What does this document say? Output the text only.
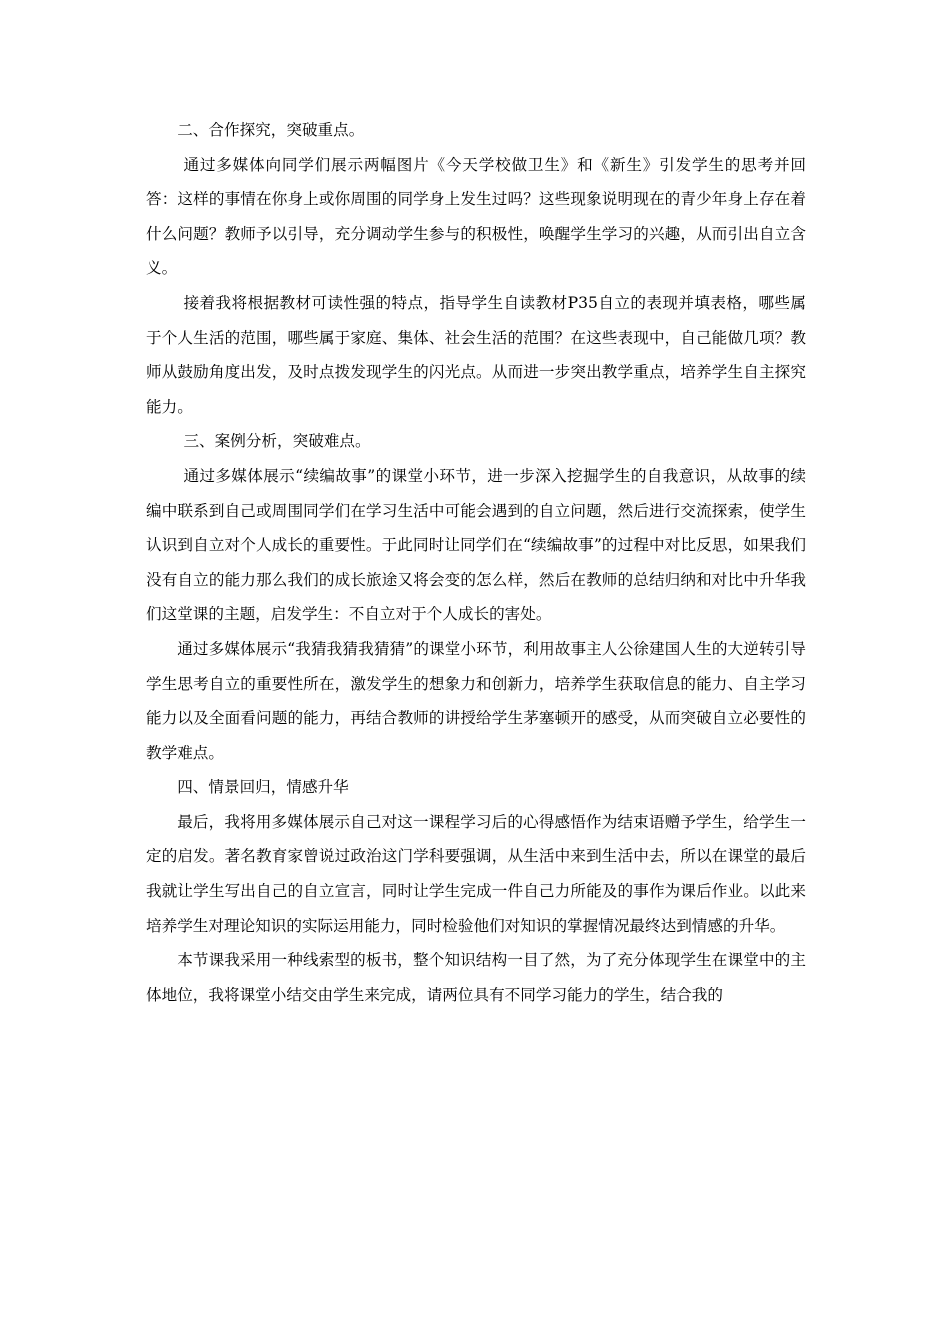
二、合作探究，突破重点。

通过多媒体向同学们展示两幅图片《今天学校做卫生》和《新生》引发学生的思考并回答：这样的事情在你身上或你周围的同学身上发生过吗？这些现象说明现在的青少年身上存在着什么问题？教师予以引导，充分调动学生参与的积极性，唤醒学生学习的兴趣，从而引出自立含义。

接着我将根据教材可读性强的特点，指导学生自读教材P35自立的表现并填表格，哪些属于个人生活的范围，哪些属于家庭、集体、社会生活的范围？在这些表现中，自己能做几项？教师从鼓励角度出发，及时点拨发现学生的闪光点。从而进一步突出教学重点，培养学生自主探究能力。

三、案例分析，突破难点。

通过多媒体展示“续编故事”的课堂小环节，进一步深入挖掘学生的自我意识，从故事的续编中联系到自己或周围同学们在学习生活中可能会遇到的自立问题，然后进行交流探索，使学生认识到自立对个人成长的重要性。于此同时让同学们在“续编故事”的过程中对比反思，如果我们没有自立的能力那么我们的成长旅途又将会变的怎么样，然后在教师的总结归纳和对比中升华我们这堂课的主题，启发学生：不自立对于个人成长的害处。

通过多媒体展示“我猜我猜我猜猜”的课堂小环节，利用故事主人公徐建国人生的大逆转引导学生思考自立的重要性所在，激发学生的想象力和创新力，培养学生获取信息的能力、自主学习能力以及全面看问题的能力，再结合教师的讲授给学生茅塞顿开的感受，从而突破自立必要性的教学难点。

四、情景回归，情感升华

最后，我将用多媒体展示自己对这一课程学习后的心得感悟作为结束语赠予学生，给学生一定的启发。著名教育家曾说过政治这门学科要强调，从生活中来到生活中去，所以在课堂的最后我就让学生写出自己的自立宣言，同时让学生完成一件自己力所能及的事作为课后作业。以此来培养学生对理论知识的实际运用能力，同时检验他们对知识的掌握情况最终达到情感的升华。

本节课我采用一种线索型的板书，整个知识结构一目了然，为了充分体现学生在课堂中的主体地位，我将课堂小结交由学生来完成，请两位具有不同学习能力的学生，结合我的
